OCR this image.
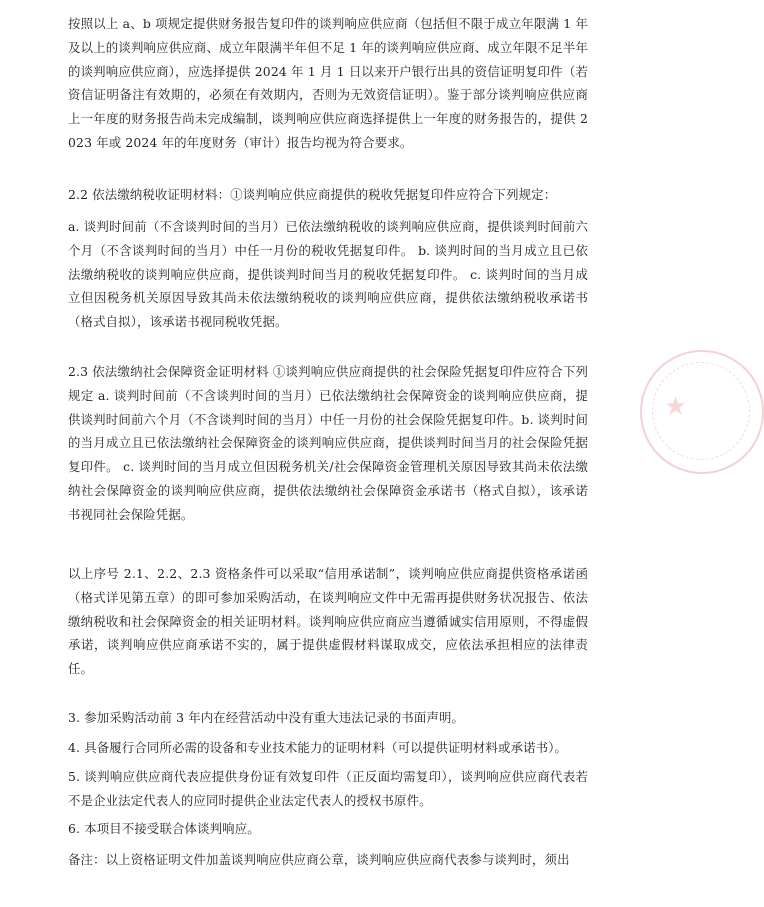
按照以上 a、b 项规定提供财务报告复印件的谈判响应供应商（包括但不限于成立年限满 1 年及以上的谈判响应供应商、成立年限满半年但不足 1 年的谈判响应供应商、成立年限不足半年的谈判响应供应商），应选择提供 2024 年 1 月 1 日以来开户银行出具的资信证明复印件（若资信证明备注有效期的，必须在有效期内，否则为无效资信证明）。鉴于部分谈判响应供应商上一年度的财务报告尚未完成编制，谈判响应供应商选择提供上一年度的财务报告的，提供 2023 年或 2024 年的年度财务（审计）报告均视为符合要求。

2.2 依法缴纳税收证明材料：①谈判响应供应商提供的税收凭据复印件应符合下列规定：

a. 谈判时间前（不含谈判时间的当月）已依法缴纳税收的谈判响应供应商，提供谈判时间前六个月（不含谈判时间的当月）中任一月份的税收凭据复印件。 b. 谈判时间的当月成立且已依法缴纳税收的谈判响应供应商，提供谈判时间当月的税收凭据复印件。 c. 谈判时间的当月成立但因税务机关原因导致其尚未依法缴纳税收的谈判响应供应商，提供依法缴纳税收承诺书（格式自拟），该承诺书视同税收凭据。

2.3 依法缴纳社会保障资金证明材料 ①谈判响应供应商提供的社会保险凭据复印件应符合下列规定 a. 谈判时间前（不含谈判时间的当月）已依法缴纳社会保障资金的谈判响应供应商，提供谈判时间前六个月（不含谈判时间的当月）中任一月份的社会保险凭据复印件。b. 谈判时间的当月成立且已依法缴纳社会保障资金的谈判响应供应商，提供谈判时间当月的社会保险凭据复印件。 c. 谈判时间的当月成立但因税务机关/社会保障资金管理机关原因导致其尚未依法缴纳社会保障资金的谈判响应供应商，提供依法缴纳社会保障资金承诺书（格式自拟），该承诺书视同社会保险凭据。

以上序号 2.1、2.2、2.3 资格条件可以采取“信用承诺制”，谈判响应供应商提供资格承诺函（格式详见第五章）的即可参加采购活动，在谈判响应文件中无需再提供财务状况报告、依法缴纳税收和社会保障资金的相关证明材料。谈判响应供应商应当遵循诚实信用原则，不得虚假承诺，谈判响应供应商承诺不实的，属于提供虚假材料谋取成交，应依法承担相应的法律责任。

3. 参加采购活动前 3 年内在经营活动中没有重大违法记录的书面声明。

4. 具备履行合同所必需的设备和专业技术能力的证明材料（可以提供证明材料或承诺书）。

5. 谈判响应供应商代表应提供身份证有效复印件（正反面均需复印），谈判响应供应商代表若不是企业法定代表人的应同时提供企业法定代表人的授权书原件。

6. 本项目不接受联合体谈判响应。

备注：以上资格证明文件加盖谈判响应供应商公章，谈判响应供应商代表参与谈判时，须出

★
